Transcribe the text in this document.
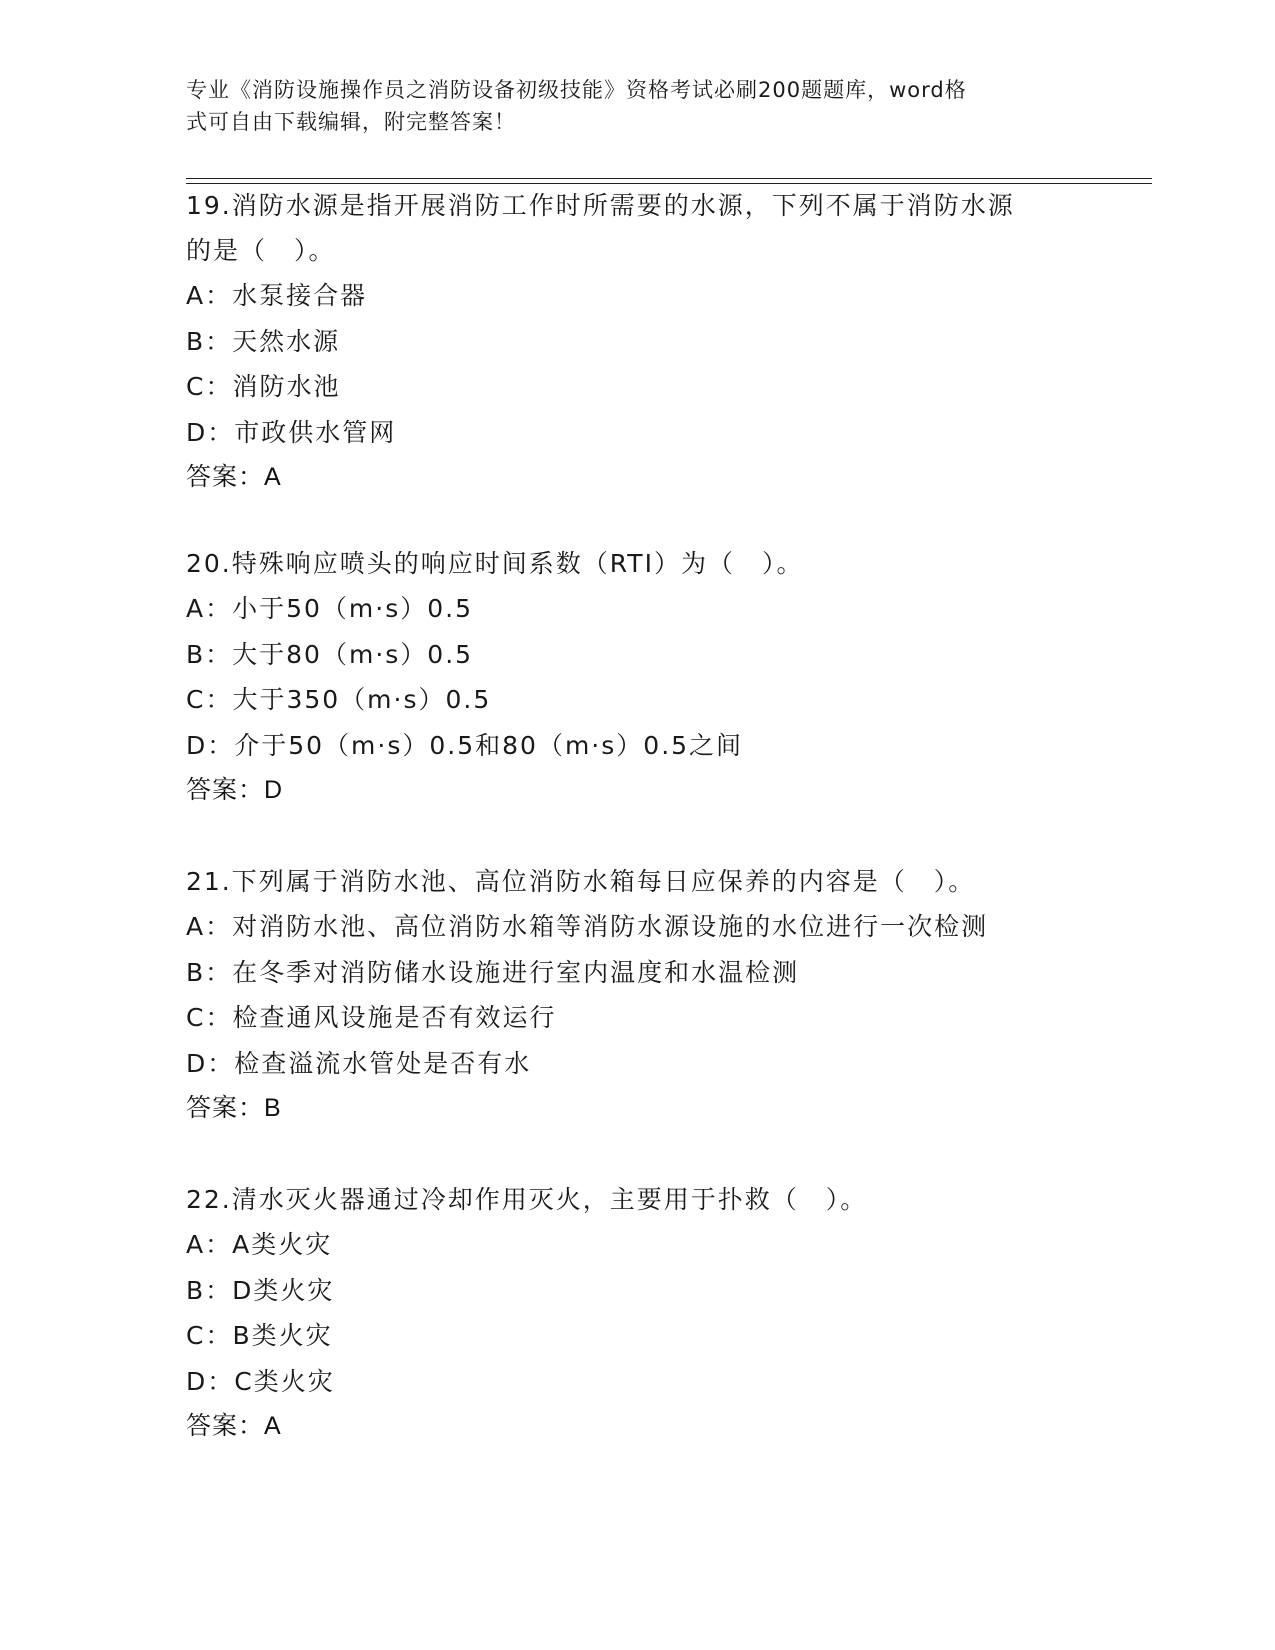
专业《消防设施操作员之消防设备初级技能》资格考试必刷200题题库，word格
式可自由下载编辑，附完整答案！
19.消防水源是指开展消防工作时所需要的水源，下列不属于消防水源
的是（　）。
A：水泵接合器
B：天然水源
C：消防水池
D：市政供水管网
答案：A
20.特殊响应喷头的响应时间系数（RTI）为（　）。
A：小于50（m·s）0.5
B：大于80（m·s）0.5
C：大于350（m·s）0.5
D：介于50（m·s）0.5和80（m·s）0.5之间
答案：D
21.下列属于消防水池、高位消防水箱每日应保养的内容是（　）。
A：对消防水池、高位消防水箱等消防水源设施的水位进行一次检测
B：在冬季对消防储水设施进行室内温度和水温检测
C：检查通风设施是否有效运行
D：检查溢流水管处是否有水
答案：B
22.清水灭火器通过冷却作用灭火，主要用于扑救（　）。
A：A类火灾
B：D类火灾
C：B类火灾
D：C类火灾
答案：A
